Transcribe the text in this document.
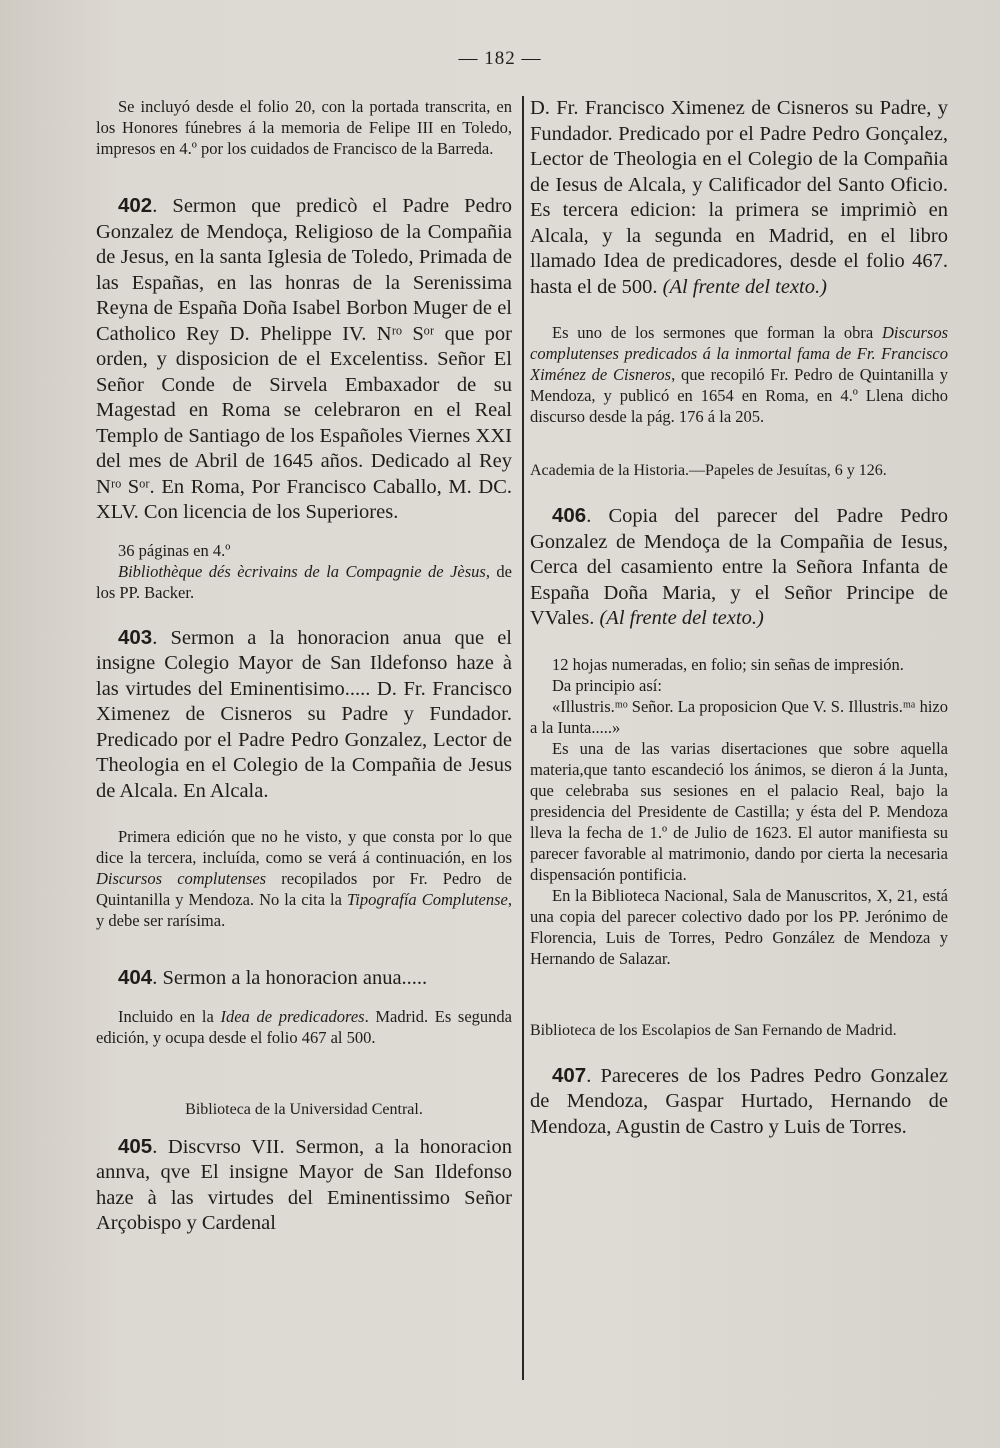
— 182 —

Se incluyó desde el folio 20, con la portada transcrita, en los Honores fúnebres á la memoria de Felipe III en Toledo, impresos en 4.º por los cuidados de Francisco de la Barreda.

402. Sermon que predicò el Padre Pedro Gonzalez de Mendoça, Religioso de la Compañia de Jesus, en la santa Iglesia de Toledo, Primada de las Españas, en las honras de la Serenissima Reyna de España Doña Isabel Borbon Muger de el Catholico Rey D. Phelippe IV. Nʳᵒ Sᵒʳ que por orden, y disposicion de el Excelentiss. Señor El Señor Conde de Sirvela Embaxador de su Magestad en Roma se celebraron en el Real Templo de Santiago de los Españoles Viernes XXI del mes de Abril de 1645 años. Dedicado al Rey Nʳᵒ Sᵒʳ. En Roma, Por Francisco Caballo, M. DC. XLV. Con licencia de los Superiores.

36 páginas en 4.º

Bibliothèque dés ècrivains de la Compagnie de Jèsus, de los PP. Backer.

403. Sermon a la honoracion anua que el insigne Colegio Mayor de San Ildefonso haze à las virtudes del Eminentisimo..... D. Fr. Francisco Ximenez de Cisneros su Padre y Fundador. Predicado por el Padre Pedro Gonzalez, Lector de Theologia en el Colegio de la Compañia de Jesus de Alcala. En Alcala.

Primera edición que no he visto, y que consta por lo que dice la tercera, incluída, como se verá á continuación, en los Discursos complutenses recopilados por Fr. Pedro de Quintanilla y Mendoza. No la cita la Tipografía Complutense, y debe ser rarísima.

404. Sermon a la honoracion anua.....

Incluido en la Idea de predicadores. Madrid. Es segunda edición, y ocupa desde el folio 467 al 500.

Biblioteca de la Universidad Central.

405. Discvrso VII. Sermon, a la honoracion annva, qve El insigne Mayor de San Ildefonso haze à las virtudes del Eminentissimo Señor Arçobispo y Cardenal

D. Fr. Francisco Ximenez de Cisneros su Padre, y Fundador. Predicado por el Padre Pedro Gonçalez, Lector de Theologia en el Colegio de la Compañia de Iesus de Alcala, y Calificador del Santo Oficio. Es tercera edicion: la primera se imprimiò en Alcala, y la segunda en Madrid, en el libro llamado Idea de predicadores, desde el folio 467. hasta el de 500. (Al frente del texto.)

Es uno de los sermones que forman la obra Discursos complutenses predicados á la inmortal fama de Fr. Francisco Ximénez de Cisneros, que recopiló Fr. Pedro de Quintanilla y Mendoza, y publicó en 1654 en Roma, en 4.º Llena dicho discurso desde la pág. 176 á la 205.

Academia de la Historia.—Papeles de Jesuítas, 6 y 126.

406. Copia del parecer del Padre Pedro Gonzalez de Mendoça de la Compañia de Iesus, Cerca del casamiento entre la Señora Infanta de España Doña Maria, y el Señor Principe de VVales. (Al frente del texto.)

12 hojas numeradas, en folio; sin señas de impresión.

Da principio así:

«Illustris.ᵐᵒ Señor. La proposicion Que V. S. Illustris.ᵐᵃ hizo a la Iunta.....»

Es una de las varias disertaciones que sobre aquella materia,que tanto escandeció los ánimos, se dieron á la Junta, que celebraba sus sesiones en el palacio Real, bajo la presidencia del Presidente de Castilla; y ésta del P. Mendoza lleva la fecha de 1.º de Julio de 1623. El autor manifiesta su parecer favorable al matrimonio, dando por cierta la necesaria dispensación pontificia.

En la Biblioteca Nacional, Sala de Manuscritos, X, 21, está una copia del parecer colectivo dado por los PP. Jerónimo de Florencia, Luis de Torres, Pedro González de Mendoza y Hernando de Salazar.

Biblioteca de los Escolapios de San Fernando de Madrid.

407. Pareceres de los Padres Pedro Gonzalez de Mendoza, Gaspar Hurtado, Hernando de Mendoza, Agustin de Castro y Luis de Torres.
